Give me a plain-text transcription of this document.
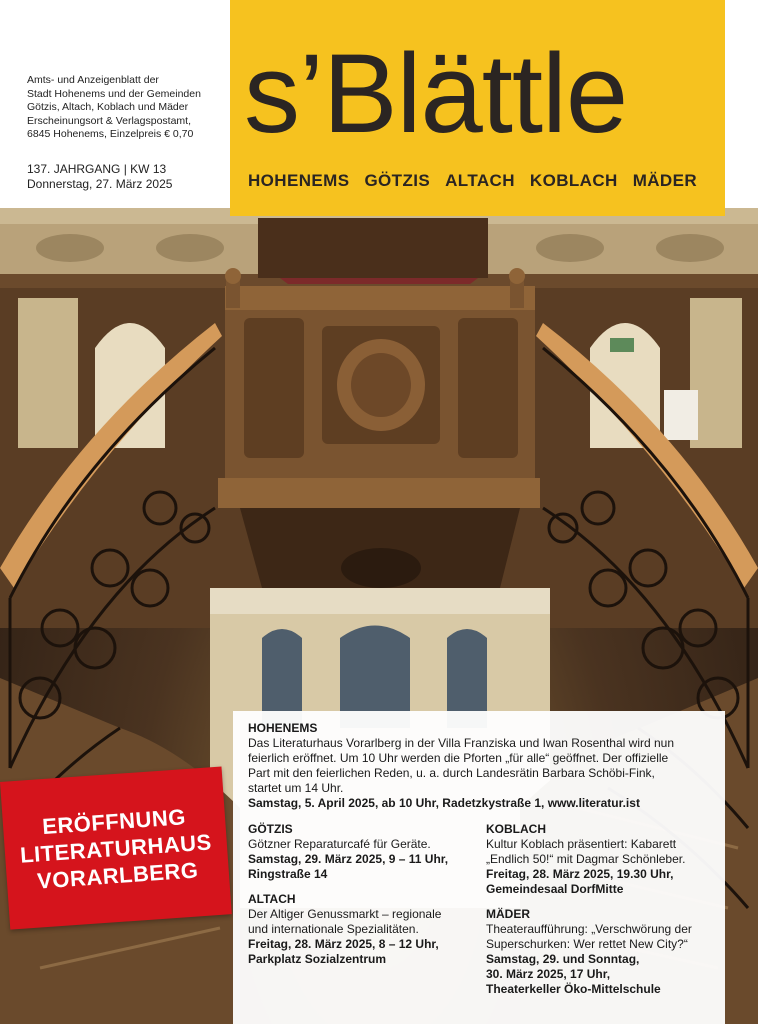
Amts- und Anzeigenblatt der
Stadt Hohenems und der Gemeinden
Götzis, Altach, Koblach und Mäder
Erscheinungsort & Verlagspostamt,
6845 Hohenems, Einzelpreis € 0,70
137. JAHRGANG | KW 13
Donnerstag, 27. März 2025
s’Blättle
HOHENEMS GÖTZIS ALTACH KOBLACH MÄDER
ERÖFFNUNG
LITERATURHAUS
VORARLBERG
HOHENEMS
Das Literaturhaus Vorarlberg in der Villa Franziska und Iwan Rosenthal wird nun
feierlich eröffnet. Um 10 Uhr werden die Pforten „für alle“ geöffnet. Der offizielle
Part mit den feierlichen Reden, u. a. durch Landesrätin Barbara Schöbi-Fink,
startet um 14 Uhr.
Samstag, 5. April 2025, ab 10 Uhr, Radetzkystraße 1, www.literatur.ist
GÖTZIS
Götzner Reparaturcafé für Geräte.
Samstag, 29. März 2025, 9 – 11 Uhr,
Ringstraße 14
ALTACH
Der Altiger Genussmarkt – regionale
und internationale Spezialitäten.
Freitag, 28. März 2025, 8 – 12 Uhr,
Parkplatz Sozialzentrum
KOBLACH
Kultur Koblach präsentiert: Kabarett
„Endlich 50!“ mit Dagmar Schönleber.
Freitag, 28. März 2025, 19.30 Uhr,
Gemeindesaal DorfMitte
MÄDER
Theateraufführung: „Verschwörung der
Superschurken: Wer rettet New City?“
Samstag, 29. und Sonntag,
30. März 2025, 17 Uhr,
Theaterkeller Öko-Mittelschule
